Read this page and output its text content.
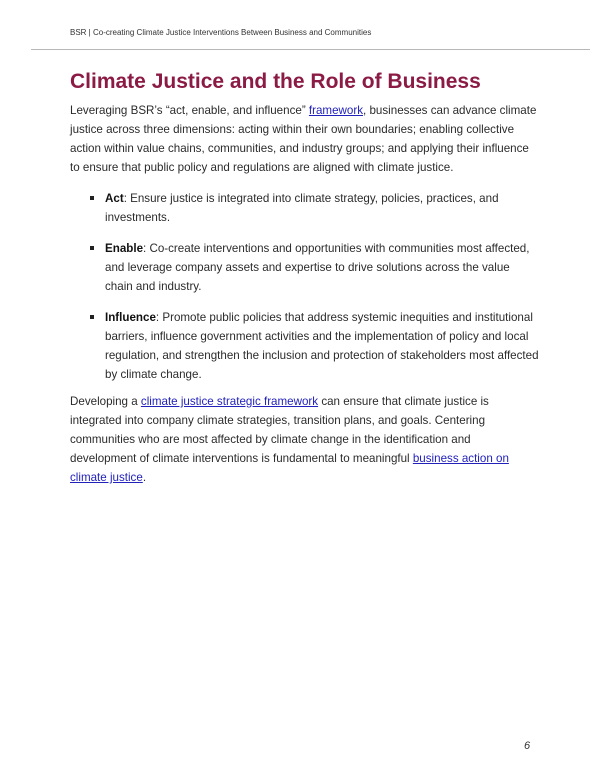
BSR | Co-creating Climate Justice Interventions Between Business and Communities
Climate Justice and the Role of Business

Leveraging BSR’s “act, enable, and influence” framework, businesses can advance climate justice across three dimensions: acting within their own boundaries; enabling collective action within value chains, communities, and industry groups; and applying their influence to ensure that public policy and regulations are aligned with climate justice.

Act: Ensure justice is integrated into climate strategy, policies, practices, and investments.
Enable: Co-create interventions and opportunities with communities most affected, and leverage company assets and expertise to drive solutions across the value chain and industry.
Influence: Promote public policies that address systemic inequities and institutional barriers, influence government activities and the implementation of policy and local regulation, and strengthen the inclusion and protection of stakeholders most affected by climate change.

Developing a climate justice strategic framework can ensure that climate justice is integrated into company climate strategies, transition plans, and goals. Centering communities who are most affected by climate change in the identification and development of climate interventions is fundamental to meaningful business action on climate justice.

6
